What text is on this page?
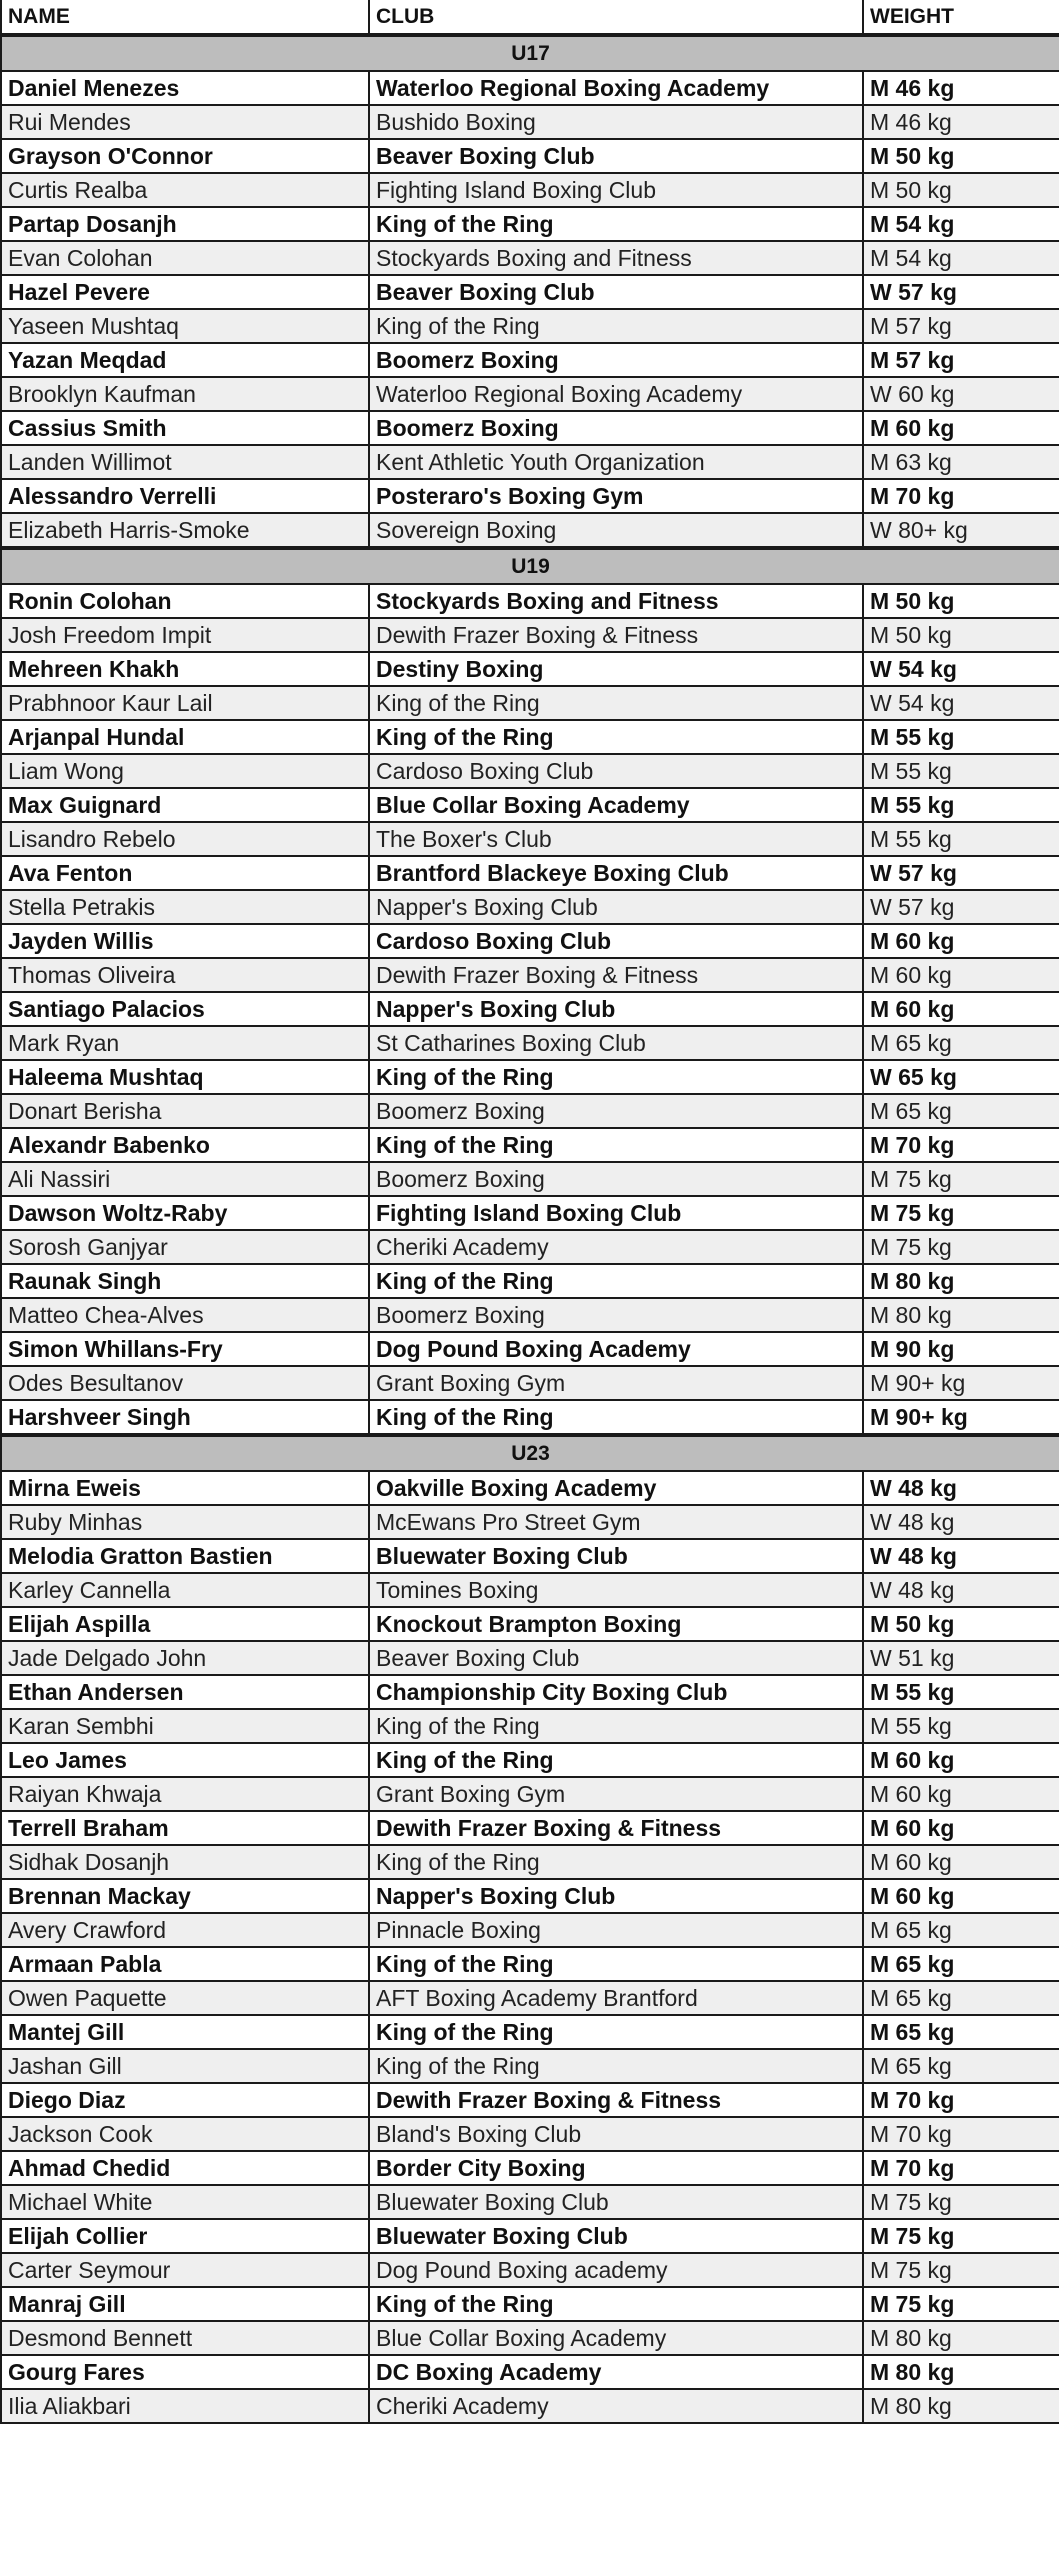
NAME	CLUB	WEIGHT
U17		
Daniel Menezes	Waterloo Regional Boxing Academy	M 46 kg
Rui Mendes	Bushido Boxing	M 46 kg
Grayson O'Connor	Beaver Boxing Club	M 50 kg
Curtis Realba	Fighting Island Boxing Club	M 50 kg
Partap Dosanjh	King of the Ring	M 54 kg
Evan Colohan	Stockyards Boxing and Fitness	M 54 kg
Hazel Pevere	Beaver Boxing Club	W 57 kg
Yaseen Mushtaq	King of the Ring	M 57 kg
Yazan Meqdad	Boomerz Boxing	M 57 kg
Brooklyn Kaufman	Waterloo Regional Boxing Academy	W 60 kg
Cassius Smith	Boomerz Boxing	M 60 kg
Landen Willimot	Kent Athletic Youth Organization	M 63 kg
Alessandro Verrelli	Posteraro's Boxing Gym	M 70 kg
Elizabeth Harris-Smoke	Sovereign Boxing	W 80+ kg
U19		
Ronin Colohan	Stockyards Boxing and Fitness	M 50 kg
Josh Freedom Impit	Dewith Frazer Boxing & Fitness	M 50 kg
Mehreen Khakh	Destiny Boxing	W 54 kg
Prabhnoor Kaur Lail	King of the Ring	W 54 kg
Arjanpal Hundal	King of the Ring	M 55 kg
Liam Wong	Cardoso Boxing Club	M 55 kg
Max Guignard	Blue Collar Boxing Academy	M 55 kg
Lisandro Rebelo	The Boxer's Club	M 55 kg
Ava Fenton	Brantford Blackeye Boxing Club	W 57 kg
Stella Petrakis	Napper's Boxing Club	W 57 kg
Jayden Willis	Cardoso Boxing Club	M 60 kg
Thomas Oliveira	Dewith Frazer Boxing & Fitness	M 60 kg
Santiago Palacios	Napper's Boxing Club	M 60 kg
Mark Ryan	St Catharines Boxing Club	M 65 kg
Haleema Mushtaq	King of the Ring	W 65 kg
Donart Berisha	Boomerz Boxing	M 65 kg
Alexandr Babenko	King of the Ring	M 70 kg
Ali Nassiri	Boomerz Boxing	M 75 kg
Dawson Woltz-Raby	Fighting Island Boxing Club	M 75 kg
Sorosh Ganjyar	Cheriki Academy	M 75 kg
Raunak Singh	King of the Ring	M 80 kg
Matteo Chea-Alves	Boomerz Boxing	M 80 kg
Simon Whillans-Fry	Dog Pound Boxing Academy	M 90 kg
Odes Besultanov	Grant Boxing Gym	M 90+ kg
Harshveer Singh	King of the Ring	M 90+ kg
U23		
Mirna Eweis	Oakville Boxing Academy	W 48 kg
Ruby Minhas	McEwans Pro Street Gym	W 48 kg
Melodia Gratton Bastien	Bluewater Boxing Club	W 48 kg
Karley Cannella	Tomines Boxing	W 48 kg
Elijah Aspilla	Knockout Brampton Boxing	M 50 kg
Jade Delgado John	Beaver Boxing Club	W 51 kg
Ethan Andersen	Championship City Boxing Club	M 55 kg
Karan Sembhi	King of the Ring	M 55 kg
Leo James	King of the Ring	M 60 kg
Raiyan Khwaja	Grant Boxing Gym	M 60 kg
Terrell Braham	Dewith Frazer Boxing & Fitness	M 60 kg
Sidhak Dosanjh	King of the Ring	M 60 kg
Brennan Mackay	Napper's Boxing Club	M 60 kg
Avery Crawford	Pinnacle Boxing	M 65 kg
Armaan Pabla	King of the Ring	M 65 kg
Owen Paquette	AFT Boxing Academy Brantford	M 65 kg
Mantej Gill	King of the Ring	M 65 kg
Jashan Gill	King of the Ring	M 65 kg
Diego Diaz	Dewith Frazer Boxing & Fitness	M 70 kg
Jackson Cook	Bland's Boxing Club	M 70 kg
Ahmad Chedid	Border City Boxing	M 70 kg
Michael White	Bluewater Boxing Club	M 75 kg
Elijah Collier	Bluewater Boxing Club	M 75 kg
Carter Seymour	Dog Pound Boxing academy	M 75 kg
Manraj Gill	King of the Ring	M 75 kg
Desmond Bennett	Blue Collar Boxing Academy	M 80 kg
Gourg Fares	DC Boxing Academy	M 80 kg
Ilia Aliakbari	Cheriki Academy	M 80 kg
